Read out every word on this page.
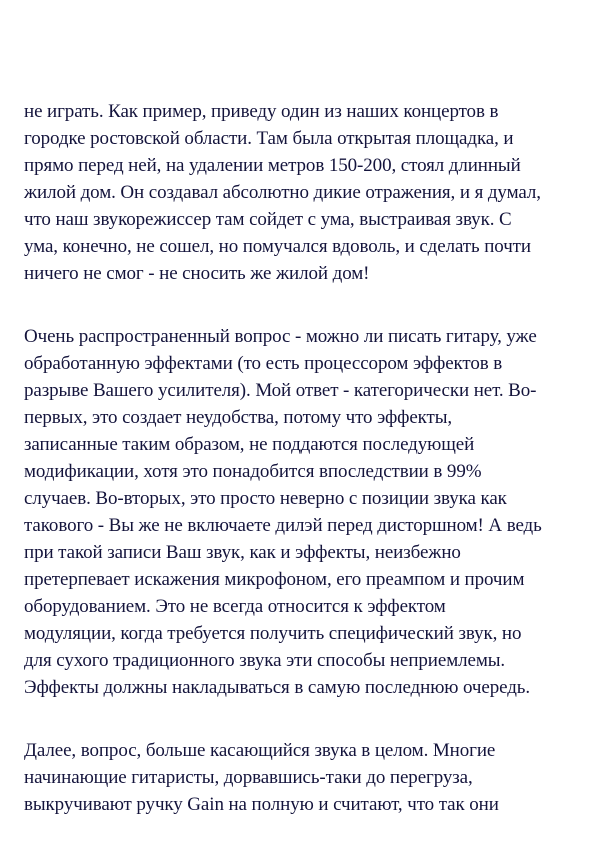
не играть. Как пример, приведу один из наших концертов в
городке ростовской области. Там была открытая площадка, и
прямо перед ней, на удалении метров 150-200, стоял длинный
жилой дом. Он создавал абсолютно дикие отражения, и я думал,
что наш звукорежиссер там сойдет с ума, выстраивая звук. С
ума, конечно, не сошел, но помучался вдоволь, и сделать почти
ничего не смог - не сносить же жилой дом!
Очень распространенный вопрос - можно ли писать гитару, уже
обработанную эффектами (то есть процессором эффектов в
разрыве Вашего усилителя). Мой ответ - категорически нет. Во-
первых, это создает неудобства, потому что эффекты,
записанные таким образом, не поддаются последующей
модификации, хотя это понадобится впоследствии в 99%
случаев. Во-вторых, это просто неверно с позиции звука как
такового - Вы же не включаете дилэй перед дисторшном! А ведь
при такой записи Ваш звук, как и эффекты, неизбежно
претерпевает искажения микрофоном, его преампом и прочим
оборудованием. Это не всегда относится к эффектом
модуляции, когда требуется получить специфический звук, но
для сухого традиционного звука эти способы неприемлемы.
Эффекты должны накладываться в самую последнюю очередь.
Далее, вопрос, больше касающийся звука в целом. Многие
начинающие гитаристы, дорвавшись-таки до перегруза,
выкручивают ручку Gain на полную и считают, что так они
